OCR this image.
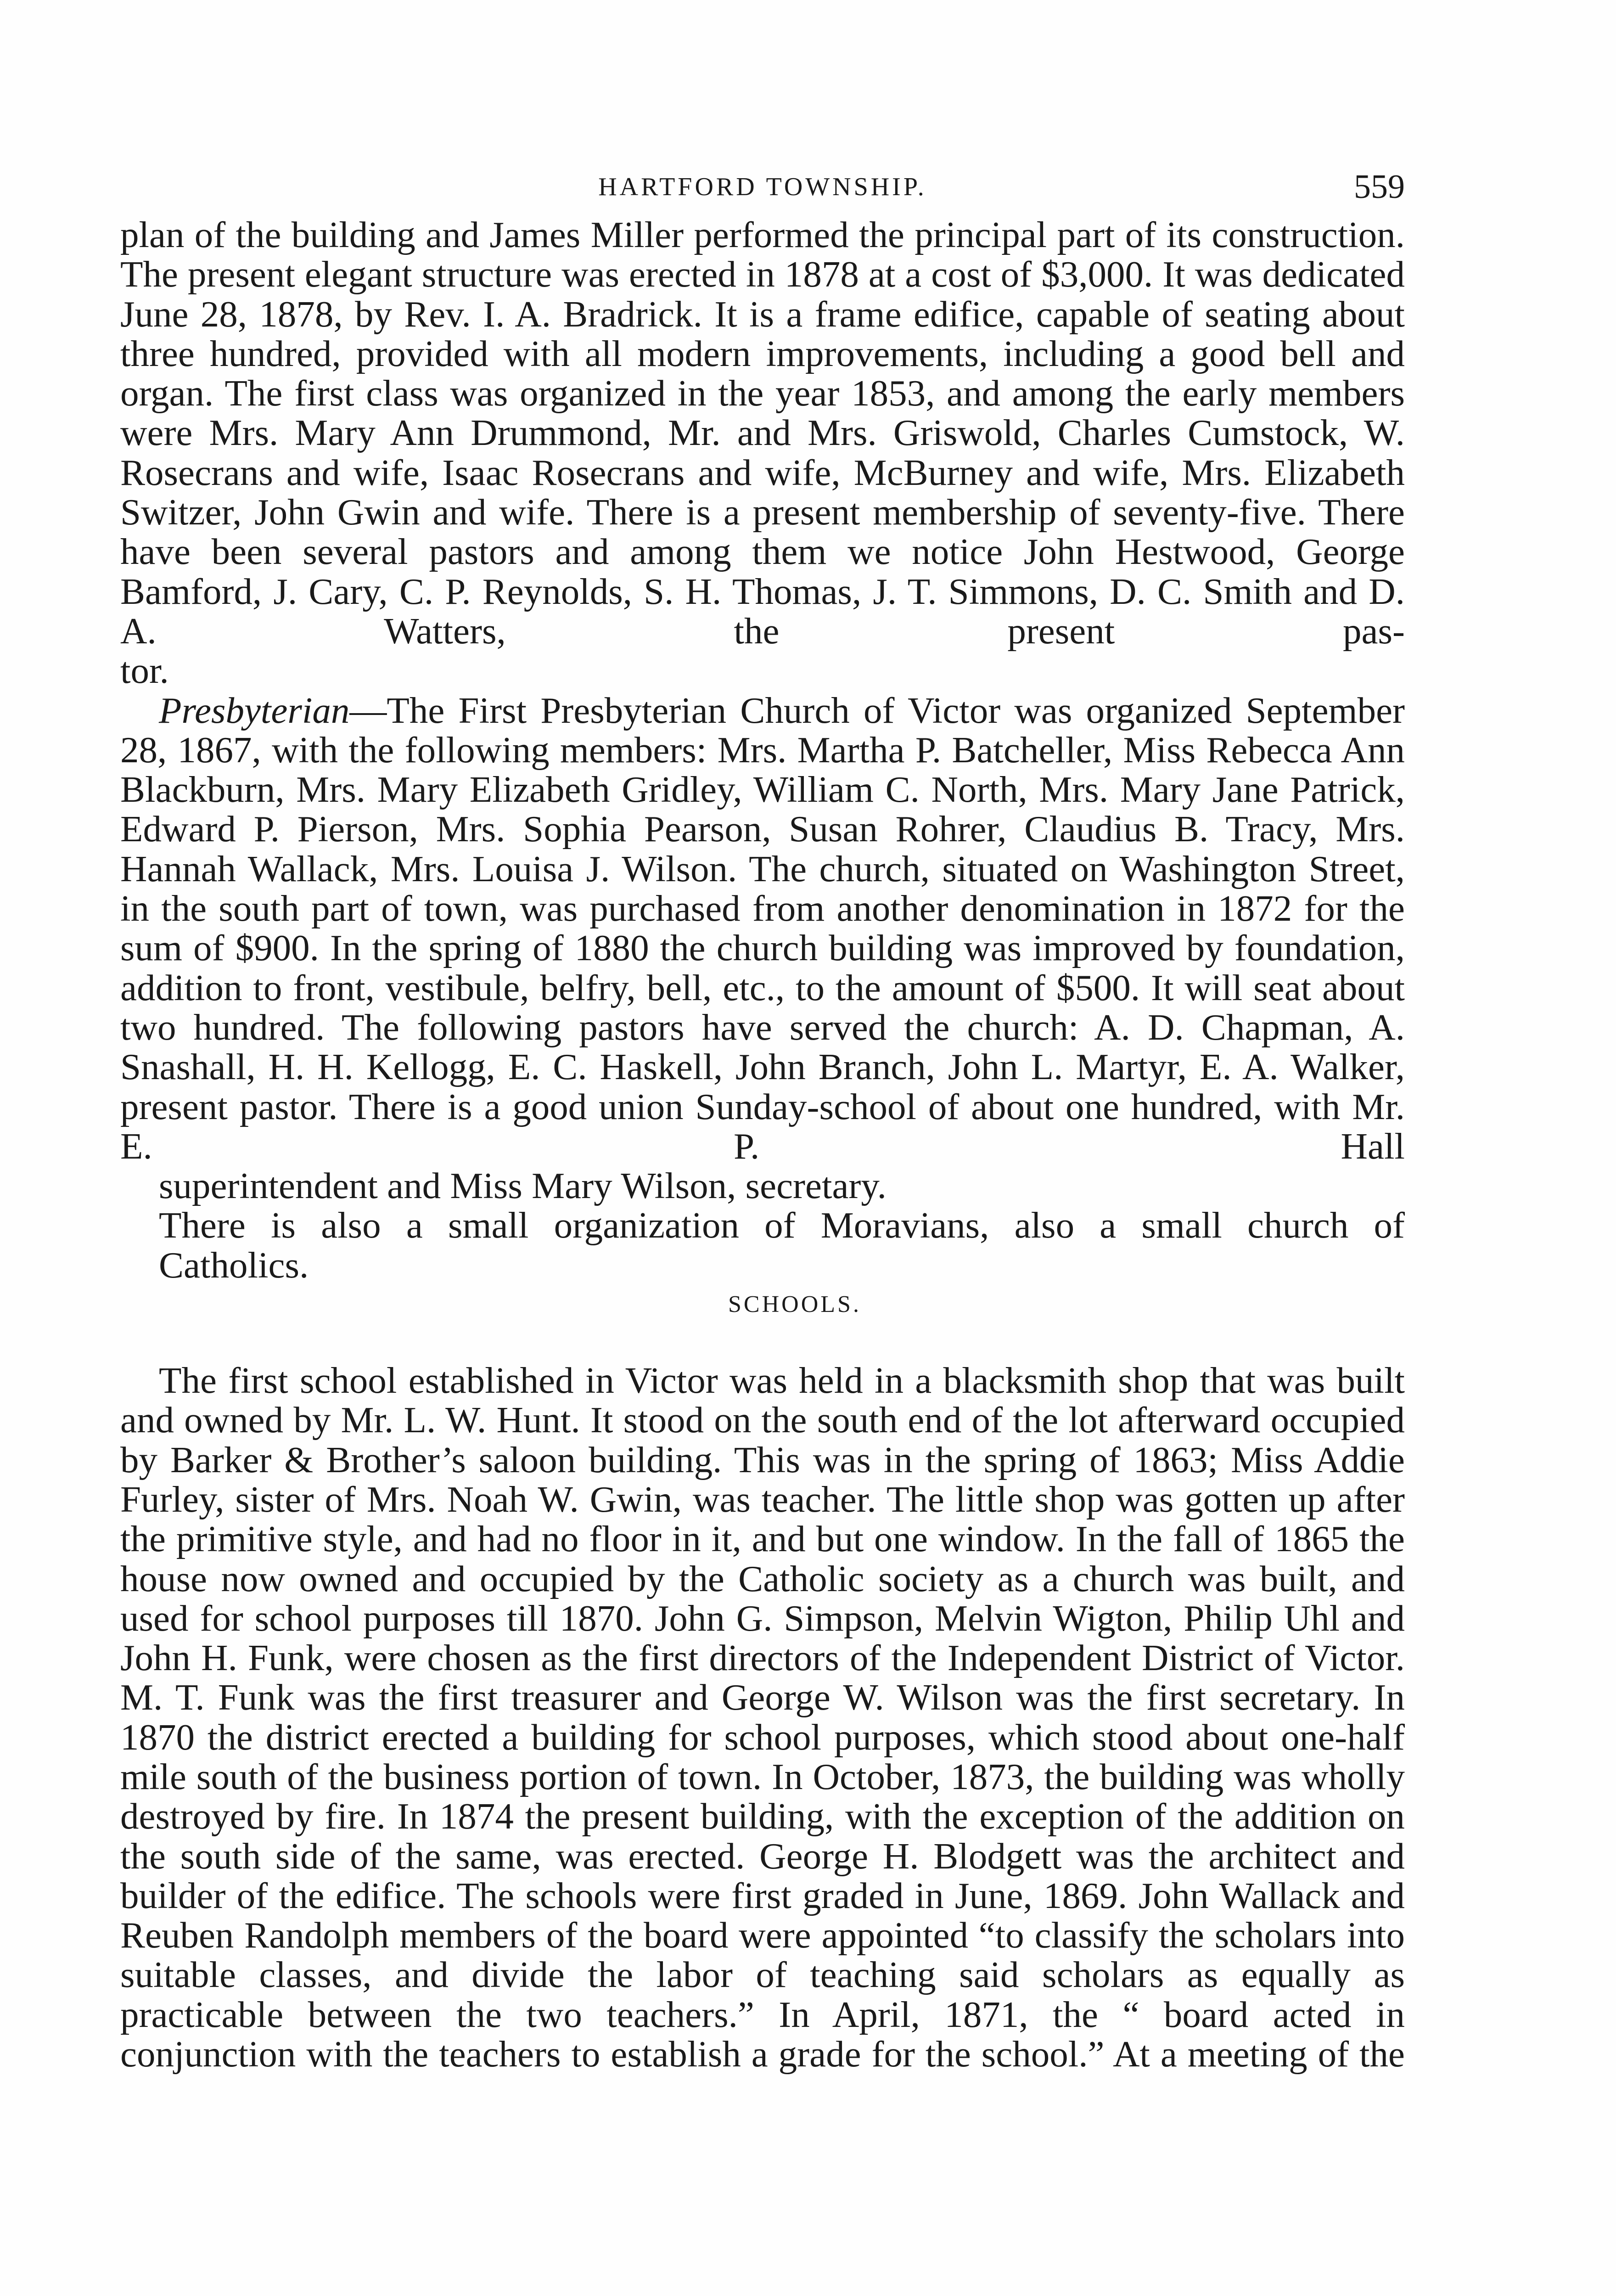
HARTFORD TOWNSHIP.	559

plan of the building and James Miller performed the principal part of its construction. The present elegant structure was erected in 1878 at a cost of $3,000. It was dedicated June 28, 1878, by Rev. I. A. Bradrick. It is a frame edifice, capable of seating about three hundred, provided with all modern improvements, including a good bell and organ. The first class was organized in the year 1853, and among the early members were Mrs. Mary Ann Drummond, Mr. and Mrs. Griswold, Charles Cumstock, W. Rosecrans and wife, Isaac Rosecrans and wife, McBurney and wife, Mrs. Elizabeth Switzer, John Gwin and wife. There is a present membership of seventy-five. There have been several pastors and among them we notice John Hestwood, George Bamford, J. Cary, C. P. Reynolds, S. H. Thomas, J. T. Simmons, D. C. Smith and D. A. Watters, the present pas-
tor.

Presbyterian—The First Presbyterian Church of Victor was organized September 28, 1867, with the following members: Mrs. Martha P. Batcheller, Miss Rebecca Ann Blackburn, Mrs. Mary Elizabeth Gridley, William C. North, Mrs. Mary Jane Patrick, Edward P. Pierson, Mrs. Sophia Pearson, Susan Rohrer, Claudius B. Tracy, Mrs. Hannah Wallack, Mrs. Louisa J. Wilson. The church, situated on Washington Street, in the south part of town, was purchased from another denomination in 1872 for the sum of $900. In the spring of 1880 the church building was improved by foundation, addition to front, vestibule, belfry, bell, etc., to the amount of $500. It will seat about two hundred. The following pastors have served the church: A. D. Chapman, A. Snashall, H. H. Kellogg, E. C. Haskell, John Branch, John L. Martyr, E. A. Walker, present pastor. There is a good union Sunday-school of about one hundred, with Mr. E. P. Hall
superintendent and Miss Mary Wilson, secretary.

There is also a small organization of Moravians, also a small church of
Catholics.

SCHOOLS.

The first school established in Victor was held in a blacksmith shop that was built and owned by Mr. L. W. Hunt. It stood on the south end of the lot afterward occupied by Barker & Brother’s saloon building. This was in the spring of 1863; Miss Addie Furley, sister of Mrs. Noah W. Gwin, was teacher. The little shop was gotten up after the primitive style, and had no floor in it, and but one window. In the fall of 1865 the house now owned and occupied by the Catholic society as a church was built, and used for school purposes till 1870. John G. Simpson, Melvin Wigton, Philip Uhl and John H. Funk, were chosen as the first directors of the Independent District of Victor. M. T. Funk was the first treasurer and George W. Wilson was the first secretary. In 1870 the district erected a building for school purposes, which stood about one-half mile south of the business portion of town. In October, 1873, the building was wholly destroyed by fire. In 1874 the present building, with the exception of the addition on the south side of the same, was erected. George H. Blodgett was the architect and builder of the edifice. The schools were first graded in June, 1869. John Wallack and Reuben Randolph members of the board were appointed “to classify the scholars into suitable classes, and divide the labor of teaching said scholars as equally as practicable between the two teachers.” In April, 1871, the “ board acted in conjunction with the teachers to establish a grade for the school.” At a meeting of the
